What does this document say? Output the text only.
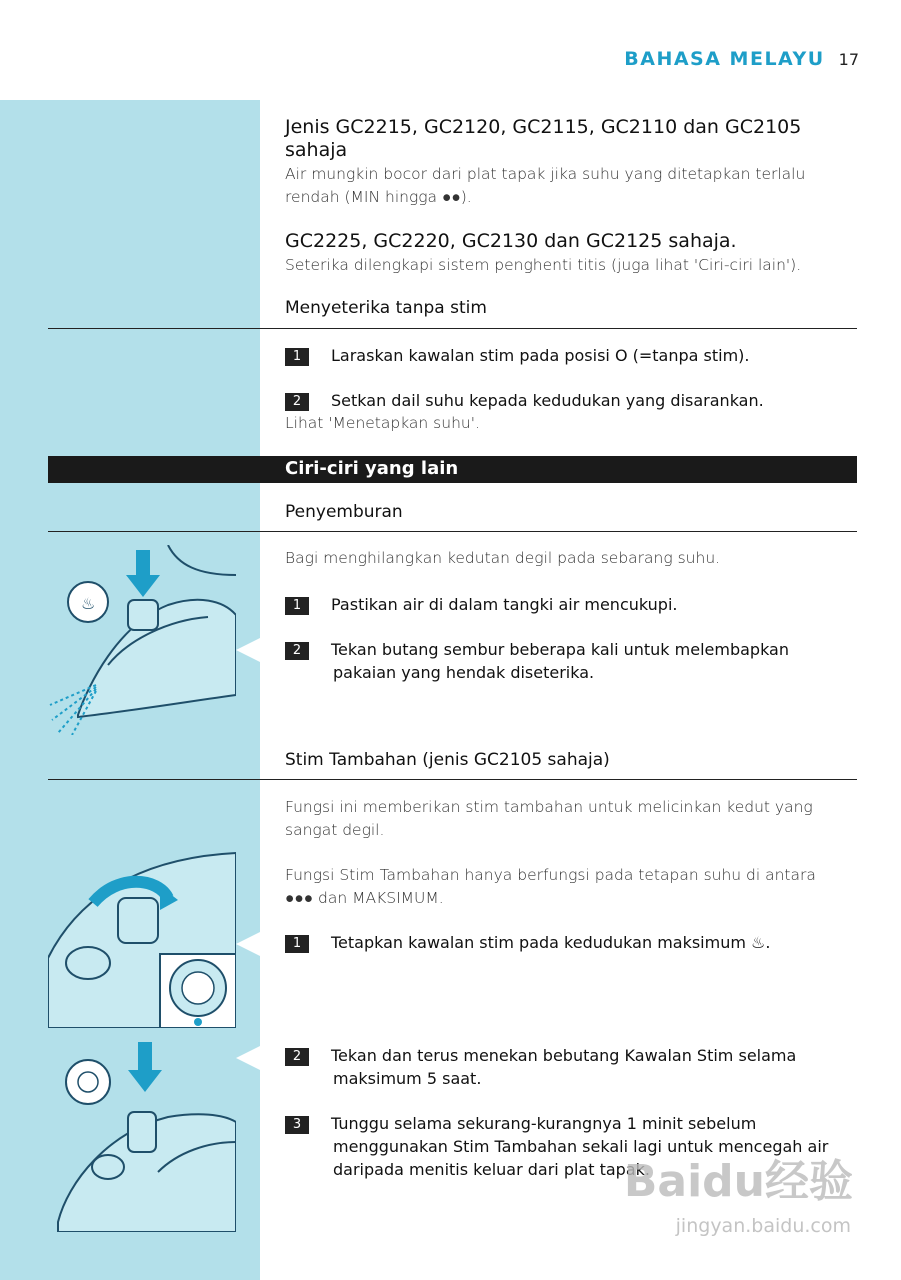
BAHASA MELAYU 17
Jenis GC2215, GC2120, GC2115, GC2110 dan GC2105 sahaja
Air mungkin bocor dari plat tapak jika suhu yang ditetapkan terlalu rendah (MIN hingga ●●).
GC2225, GC2220, GC2130 dan GC2125 sahaja.
Seterika dilengkapi sistem penghenti titis (juga lihat 'Ciri-ciri lain').
Menyeterika tanpa stim
1 Laraskan kawalan stim pada posisi O (=tanpa stim).
2 Setkan dail suhu kepada kedudukan yang disarankan.
Lihat 'Menetapkan suhu'.
Ciri-ciri yang lain
Penyemburan
♨
Bagi menghilangkan kedutan degil pada sebarang suhu.
1 Pastikan air di dalam tangki air mencukupi.
2 Tekan butang sembur beberapa kali untuk melembapkan
pakaian yang hendak diseterika.
Stim Tambahan (jenis GC2105 sahaja)
Fungsi ini memberikan stim tambahan untuk melicinkan kedut yang sangat degil.
Fungsi Stim Tambahan hanya berfungsi pada tetapan suhu di antara ●●● dan MAKSIMUM.
1 Tetapkan kawalan stim pada kedudukan maksimum ♨.
2 Tekan dan terus menekan bebutang Kawalan Stim selama
maksimum 5 saat.
3 Tunggu selama sekurang-kurangnya 1 minit sebelum
menggunakan Stim Tambahan sekali lagi untuk mencegah air
daripada menitis keluar dari plat tapak.
Baidu经验
jingyan.baidu.com
